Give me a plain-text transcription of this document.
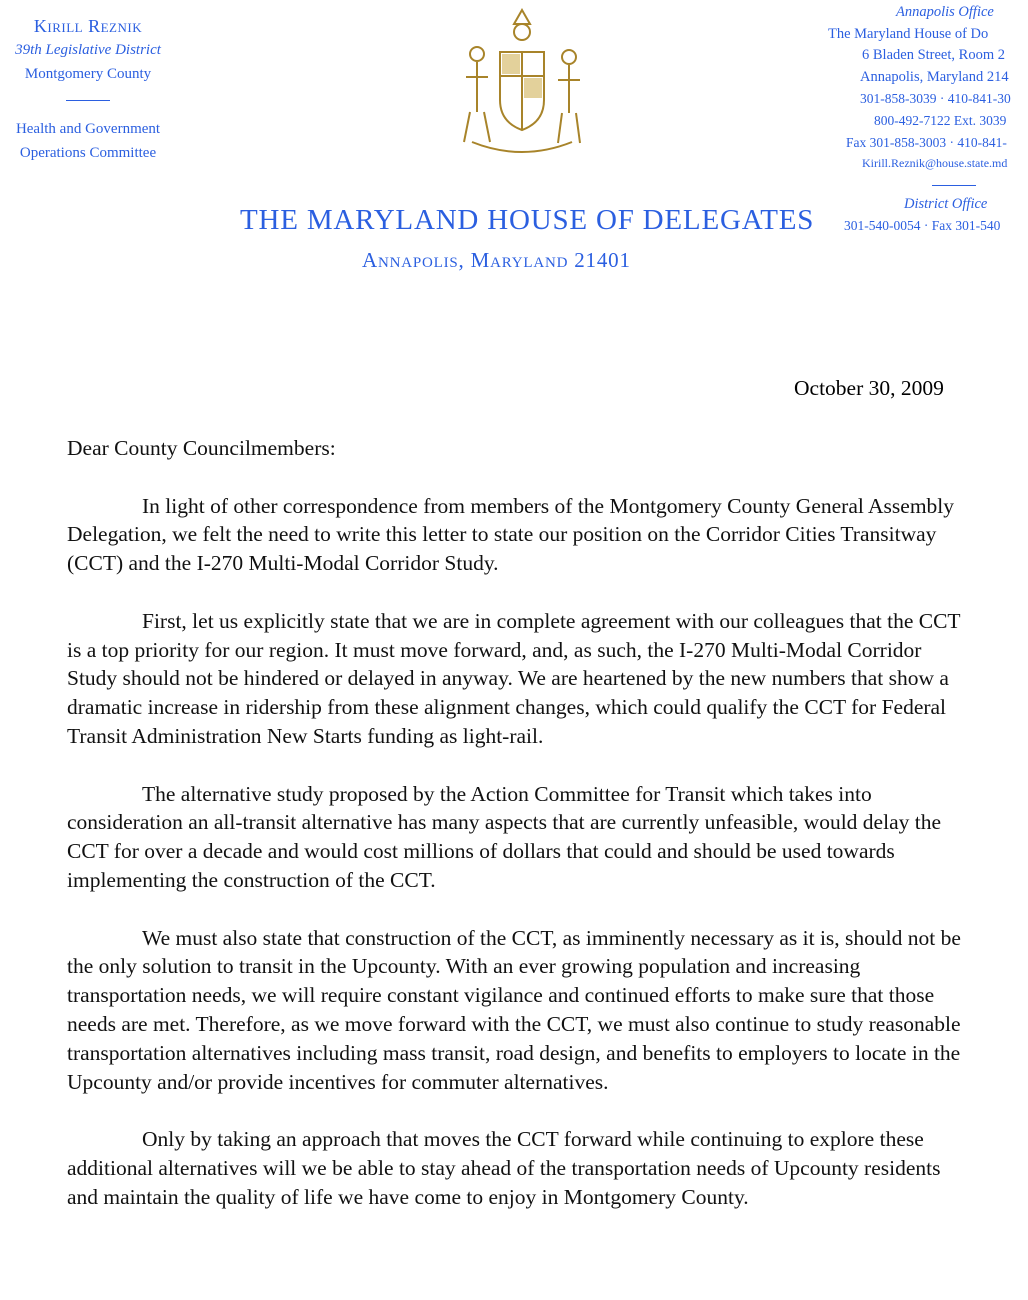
Kirill Reznik
39th Legislative District
Montgomery County
Health and Government
Operations Committee
Annapolis Office
The Maryland House of Do
6 Bladen Street, Room 2
Annapolis, Maryland 214
301-858-3039 · 410-841-30
800-492-7122 Ext. 3039
Fax 301-858-3003 · 410-841-
Kirill.Reznik@house.state.md
District Office
301-540-0054 · Fax 301-540
THE MARYLAND HOUSE OF DELEGATES
Annapolis, Maryland 21401
October 30, 2009

Dear County Councilmembers:

In light of other correspondence from members of the Montgomery County General Assembly Delegation, we felt the need to write this letter to state our position on the Corridor Cities Transitway (CCT) and the I-270 Multi-Modal Corridor Study.

First, let us explicitly state that we are in complete agreement with our colleagues that the CCT is a top priority for our region. It must move forward, and, as such, the I-270 Multi-Modal Corridor Study should not be hindered or delayed in anyway. We are heartened by the new numbers that show a dramatic increase in ridership from these alignment changes, which could qualify the CCT for Federal Transit Administration New Starts funding as light-rail.

The alternative study proposed by the Action Committee for Transit which takes into consideration an all-transit alternative has many aspects that are currently unfeasible, would delay the CCT for over a decade and would cost millions of dollars that could and should be used towards implementing the construction of the CCT.

We must also state that construction of the CCT, as imminently necessary as it is, should not be the only solution to transit in the Upcounty. With an ever growing population and increasing transportation needs, we will require constant vigilance and continued efforts to make sure that those needs are met. Therefore, as we move forward with the CCT, we must also continue to study reasonable transportation alternatives including mass transit, road design, and benefits to employers to locate in the Upcounty and/or provide incentives for commuter alternatives.

Only by taking an approach that moves the CCT forward while continuing to explore these additional alternatives will we be able to stay ahead of the transportation needs of Upcounty residents and maintain the quality of life we have come to enjoy in Montgomery County.
